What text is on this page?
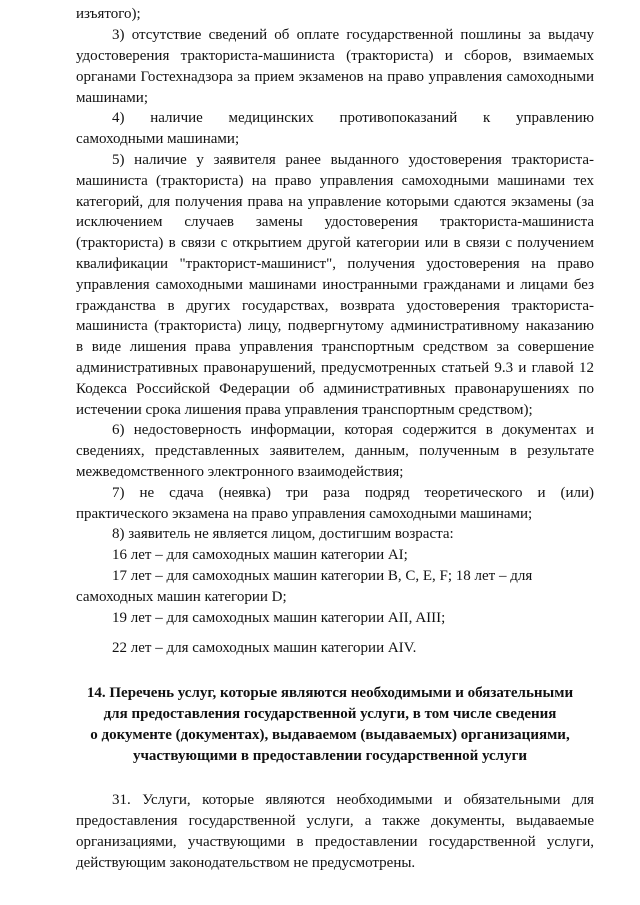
изъятого);
3) отсутствие сведений об оплате государственной пошлины за выдачу
удостоверения тракториста-машиниста (тракториста) и сборов, взимаемых
органами Гостехнадзора за прием экзаменов на право управления самоходными
машинами;
4) наличие медицинских противопоказаний к управлению
самоходными машинами;
5) наличие у заявителя ранее выданного удостоверения тракториста-
машиниста (тракториста) на право управления самоходными машинами тех
категорий, для получения права на управление которыми сдаются экзамены (за
исключением случаев замены удостоверения тракториста-машиниста
(тракториста) в связи с открытием другой категории или в связи с получением
квалификации "тракторист-машинист", получения удостоверения на право
управления самоходными машинами иностранными гражданами и лицами без
гражданства в других государствах, возврата удостоверения тракториста-
машиниста (тракториста) лицу, подвергнутому административному наказанию
в виде лишения права управления транспортным средством за совершение
административных правонарушений, предусмотренных статьей 9.3 и главой 12
Кодекса Российской Федерации об административных правонарушениях по
истечении срока лишения права управления транспортным средством);
6) недостоверность информации, которая содержится в документах и
сведениях, представленных заявителем, данным, полученным в результате
межведомственного электронного взаимодействия;
7) не сдача (неявка) три раза подряд теоретического и (или)
практического экзамена на право управления самоходными машинами;
8) заявитель не является лицом, достигшим возраста:
16 лет – для самоходных машин категории AI;
17 лет – для самоходных машин категории B, C, E, F; 18 лет – для
самоходных машин категории D;
19 лет – для самоходных машин категории AII, AIII;
22 лет – для самоходных машин категории AIV.
14. Перечень услуг, которые являются необходимыми и обязательными
для предоставления государственной услуги, в том числе сведения
о документе (документах), выдаваемом (выдаваемых) организациями,
участвующими в предоставлении государственной услуги
31. Услуги, которые являются необходимыми и обязательными для
предоставления государственной услуги, а также документы, выдаваемые
организациями, участвующими в предоставлении государственной услуги,
действующим законодательством не предусмотрены.
